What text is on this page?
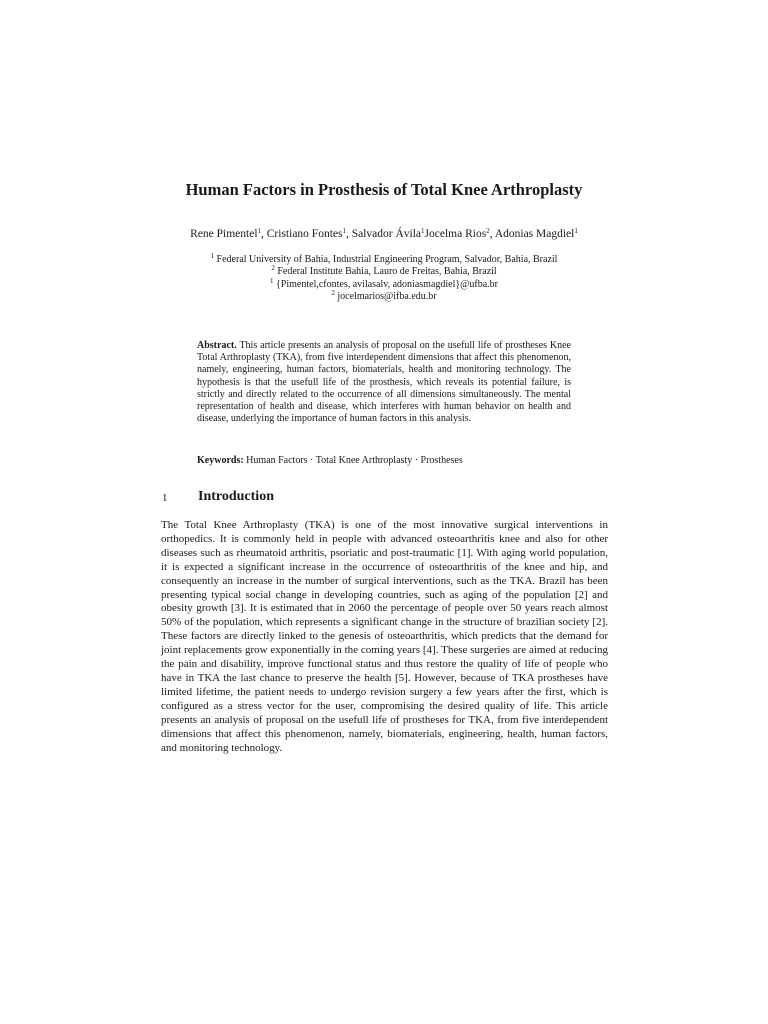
Human Factors in Prosthesis of Total Knee Arthroplasty
Rene Pimentel$^1$, Cristiano Fontes$^1$, Salvador Ávila$^1$Jocelma Rios$^2$, Adonias Magdiel$^1$
$^1$ Federal University of Bahia, Industrial Engineering Program, Salvador, Bahia, Brazil
$^2$ Federal Institute Bahia, Lauro de Freitas, Bahia, Brazil
$^1$ {Pimentel,cfontes, avilasalv, adoniasmagdiel}@ufba.br
$^2$ jocelmarios@ifba.edu.br
Abstract. This article presents an analysis of proposal on the usefull life of prostheses Knee Total Arthroplasty (TKA), from five interdependent dimensions that affect this phenomenon, namely, engineering, human factors, biomaterials, health and monitoring technology. The hypothesis is that the usefull life of the prosthesis, which reveals its potential failure, is strictly and directly related to the occurrence of all dimensions simultaneously. The mental representation of health and disease, which interferes with human behavior on health and disease, underlying the importance of human factors in this analysis.
Keywords: Human Factors · Total Knee Arthroplasty · Prostheses
1 Introduction
The Total Knee Arthroplasty (TKA) is one of the most innovative surgical interventions in orthopedics. It is commonly held in people with advanced osteoarthritis knee and also for other diseases such as rheumatoid arthritis, psoriatic and post-traumatic [1]. With aging world population, it is expected a significant increase in the occurrence of osteoarthritis of the knee and hip, and consequently an increase in the number of surgical interventions, such as the TKA. Brazil has been presenting typical social change in developing countries, such as aging of the population [2] and obesity growth [3]. It is estimated that in 2060 the percentage of people over 50 years reach almost 50% of the population, which represents a significant change in the structure of brazilian society [2]. These factors are directly linked to the genesis of osteoarthritis, which predicts that the demand for joint replacements grow exponentially in the coming years [4]. These surgeries are aimed at reducing the pain and disability, improve functional status and thus restore the quality of life of people who have in TKA the last chance to preserve the health [5]. However, because of TKA prostheses have limited lifetime, the patient needs to undergo revision surgery a few years after the first, which is configured as a stress vector for the user, compromising the desired quality of life. This article presents an analysis of proposal on the usefull life of prostheses for TKA, from five interdependent dimensions that affect this phenomenon, namely, biomaterials, engineering, health, human factors, and monitoring technology.
